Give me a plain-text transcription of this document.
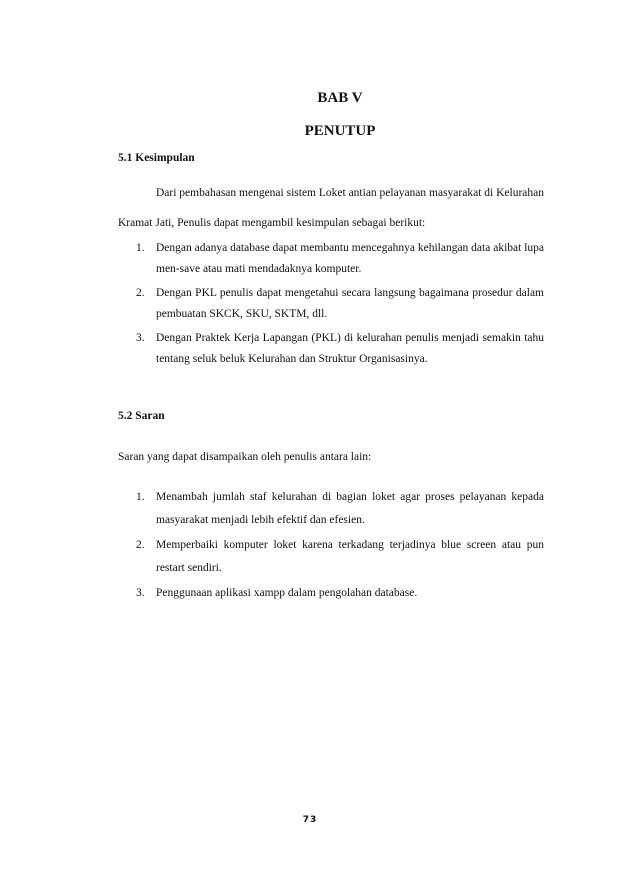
BAB V
PENUTUP
5.1 Kesimpulan

Dari pembahasan mengenai sistem Loket antian pelayanan masyarakat di Kelurahan Kramat Jati, Penulis dapat mengambil kesimpulan sebagai berikut:

1. Dengan adanya database dapat membantu mencegahnya kehilangan data akibat lupa men-save atau mati mendadaknya komputer.
2. Dengan PKL penulis dapat mengetahui secara langsung bagaimana prosedur dalam pembuatan SKCK, SKU, SKTM, dll.
3. Dengan Praktek Kerja Lapangan (PKL) di kelurahan penulis menjadi semakin tahu tentang seluk beluk Kelurahan dan Struktur Organisasinya.
5.2 Saran

Saran yang dapat disampaikan oleh penulis antara lain:

1. Menambah jumlah staf kelurahan di bagian loket agar proses pelayanan kepada masyarakat menjadi lebih efektif dan efesien.
2. Memperbaiki komputer loket karena terkadang terjadinya blue screen atau pun restart sendiri.
3. Penggunaan aplikasi xampp dalam pengolahan database.
73
